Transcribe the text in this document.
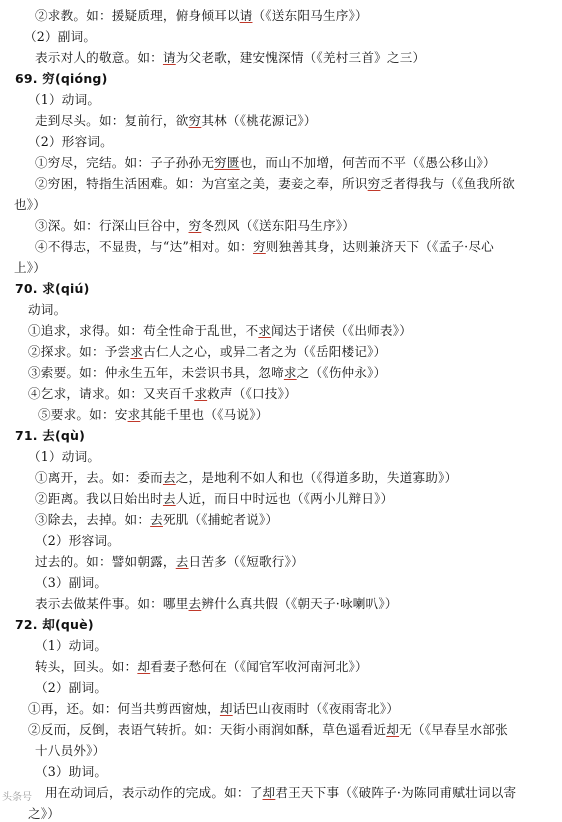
②求教。如：援疑质理，俯身倾耳以请（《送东阳马生序》）
（2）副词。
表示对人的敬意。如：请为父老歌，建安愧深情（《羌村三首》之三）
69. 穷(qióng)
（1）动词。
走到尽头。如：复前行，欲穷其林（《桃花源记》）
（2）形容词。
①穷尽，完结。如：子子孙孙无穷匮也，而山不加增，何苦而不平（《愚公移山》）
②穷困，特指生活困难。如：为宫室之美，妻妾之奉，所识穷乏者得我与（《鱼我所欲
也》）
③深。如：行深山巨谷中，穷冬烈风（《送东阳马生序》）
④不得志，不显贵，与“达”相对。如：穷则独善其身，达则兼济天下（《孟子·尽心
上》）
70. 求(qiú)
动词。
①追求，求得。如：苟全性命于乱世，不求闻达于诸侯（《出师表》）
②探求。如：予尝求古仁人之心，或异二者之为（《岳阳楼记》）
③索要。如：仲永生五年，未尝识书具，忽啼求之（《伤仲永》）
④乞求，请求。如：又夹百千求救声（《口技》）
⑤要求。如：安求其能千里也（《马说》）
71. 去(qù)
（1）动词。
①离开，去。如：委而去之，是地利不如人和也（《得道多助，失道寡助》）
②距离。我以日始出时去人近，而日中时远也（《两小儿辩日》）
③除去，去掉。如：去死肌（《捕蛇者说》）
（2）形容词。
过去的。如：譬如朝露，去日苦多（《短歌行》）
（3）副词。
表示去做某件事。如：哪里去辨什么真共假（《朝天子·咏喇叭》）
72. 却(què)
（1）动词。
转头，回头。如：却看妻子愁何在（《闻官军收河南河北》）
（2）副词。
①再，还。如：何当共剪西窗烛，却话巴山夜雨时（《夜雨寄北》）
②反而，反倒，表语气转折。如：天街小雨润如酥，草色遥看近却无（《早春呈水部张
十八员外》）
（3）助词。
用在动词后，表示动作的完成。如：了却君王天下事（《破阵子·为陈同甫赋壮词以寄
之》）
头条号
